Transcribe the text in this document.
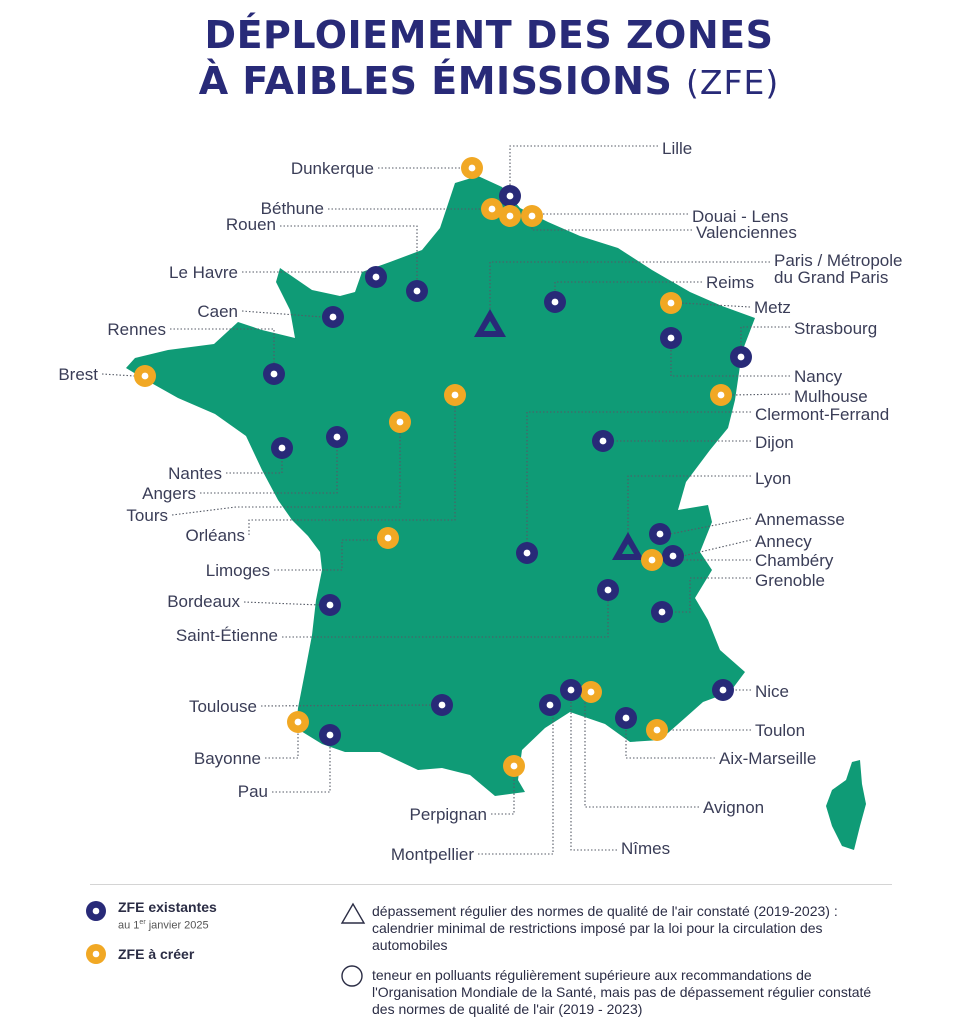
DÉPLOIEMENT DES ZONES
À FAIBLES ÉMISSIONS (ZFE)
Dunkerque
Lille
Béthune
Rouen	Douai - Lens
Valenciennes
Paris / Métropole
du Grand Paris
Le Havre
Reims
Caen	Metz
Rennes	Strasbourg
Brest	Nancy
Mulhouse
Clermont-Ferrand
Dijon
Nantes
Angers
Lyon
Tours	Annemasse
Orléans	Annecy
Chambéry
Limoges
Grenoble
Bordeaux
Saint-Étienne
Nice
Toulouse
Toulon
Bayonne	Aix-Marseille
Pau
Avignon
Perpignan
Nîmes
Montpellier
ZFE existantes
au 1er janvier 2025
ZFE à créer
dépassement régulier des normes de qualité de l'air constaté (2019-2023) : calendrier minimal de restrictions imposé par la loi pour la circulation des automobiles
teneur en polluants régulièrement supérieure aux recommandations de l'Organisation Mondiale de la Santé, mais pas de dépassement régulier constaté des normes de qualité de l'air (2019 - 2023)
